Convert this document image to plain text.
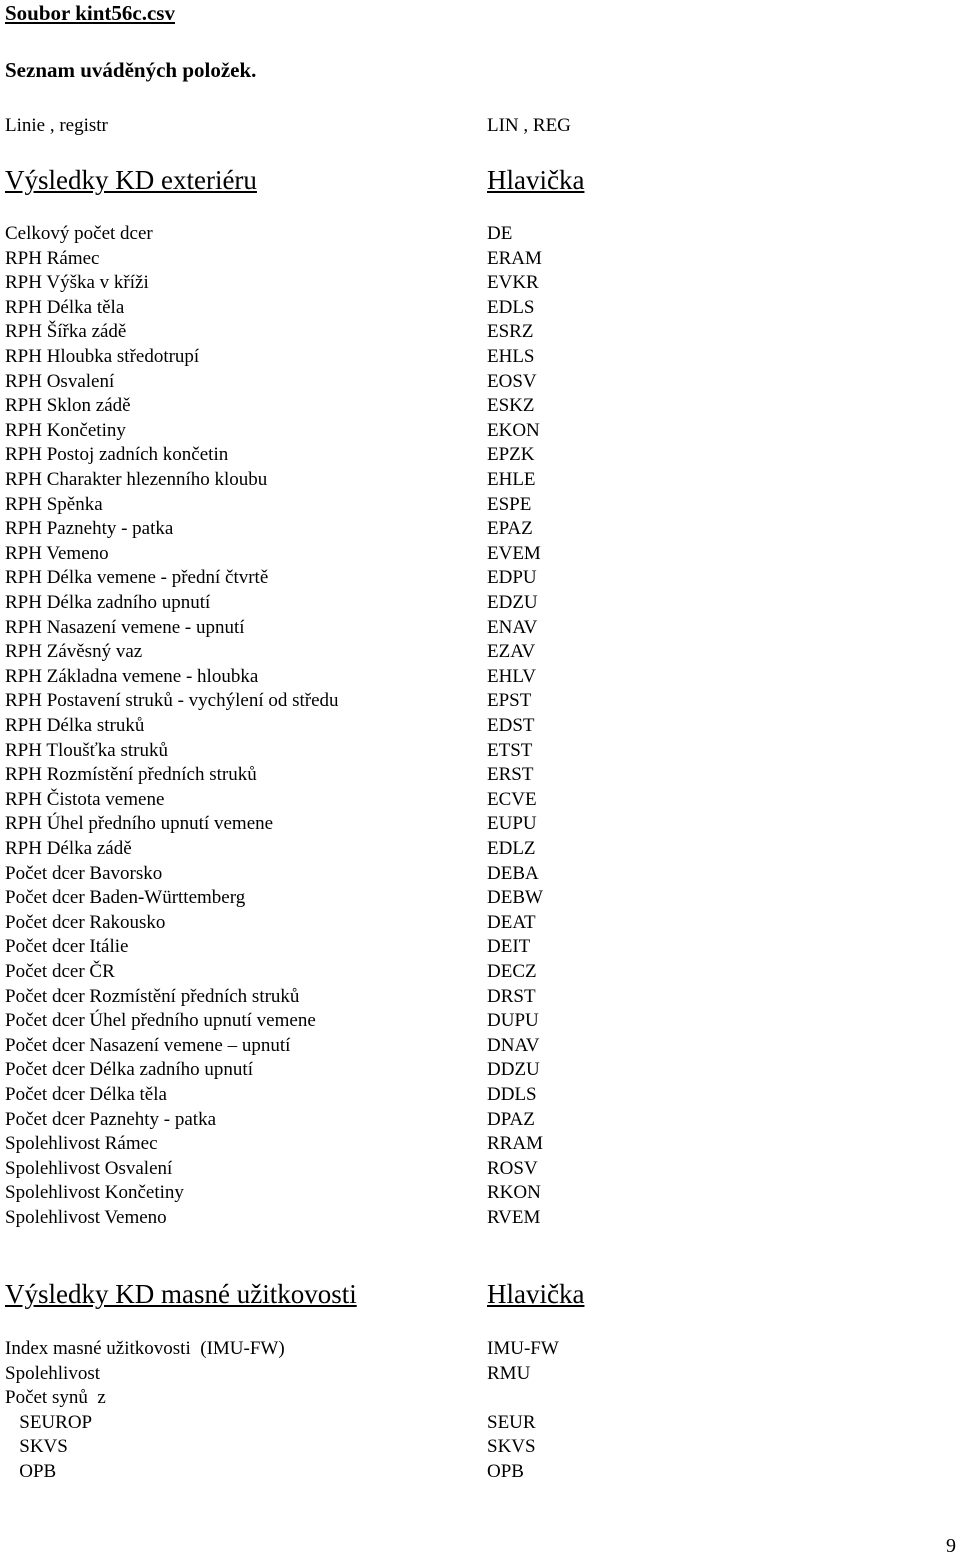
Soubor kint56c.csv
Seznam uváděných položek.
Linie , registr	LIN , REG
Výsledky KD exteriéru	Hlavička
Celkový počet dcer	DE
RPH Rámec	ERAM
RPH Výška v kříži	EVKR
RPH Délka těla	EDLS
RPH Šířka zádě	ESRZ
RPH Hloubka středotrupí	EHLS
RPH Osvalení	EOSV
RPH Sklon zádě	ESKZ
RPH Končetiny	EKON
RPH Postoj zadních končetin	EPZK
RPH Charakter hlezenního kloubu	EHLE
RPH Spěnka	ESPE
RPH Paznehty - patka	EPAZ
RPH Vemeno	EVEM
RPH Délka vemene - přední čtvrtě	EDPU
RPH Délka zadního upnutí	EDZU
RPH Nasazení vemene - upnutí	ENAV
RPH Závěsný vaz	EZAV
RPH Základna vemene - hloubka	EHLV
RPH Postavení struků - vychýlení od středu	EPST
RPH Délka struků	EDST
RPH Tloušťka struků	ETST
RPH Rozmístění předních struků	ERST
RPH Čistota vemene	ECVE
RPH Úhel předního upnutí vemene	EUPU
RPH Délka zádě	EDLZ
Počet dcer Bavorsko	DEBA
Počet dcer Baden-Württemberg	DEBW
Počet dcer Rakousko	DEAT
Počet dcer Itálie	DEIT
Počet dcer ČR	DECZ
Počet dcer Rozmístění předních struků	DRST
Počet dcer Úhel předního upnutí vemene	DUPU
Počet dcer Nasazení vemene – upnutí	DNAV
Počet dcer Délka zadního upnutí	DDZU
Počet dcer Délka těla	DDLS
Počet dcer Paznehty - patka	DPAZ
Spolehlivost Rámec	RRAM
Spolehlivost Osvalení	ROSV
Spolehlivost Končetiny	RKON
Spolehlivost Vemeno	RVEM
Výsledky KD masné užitkovosti	Hlavička
Index masné užitkovosti  (IMU-FW)	IMU-FW
Spolehlivost	RMU
Počet synů  z
SEUROP	SEUR
SKVS	SKVS
OPB	OPB
9
